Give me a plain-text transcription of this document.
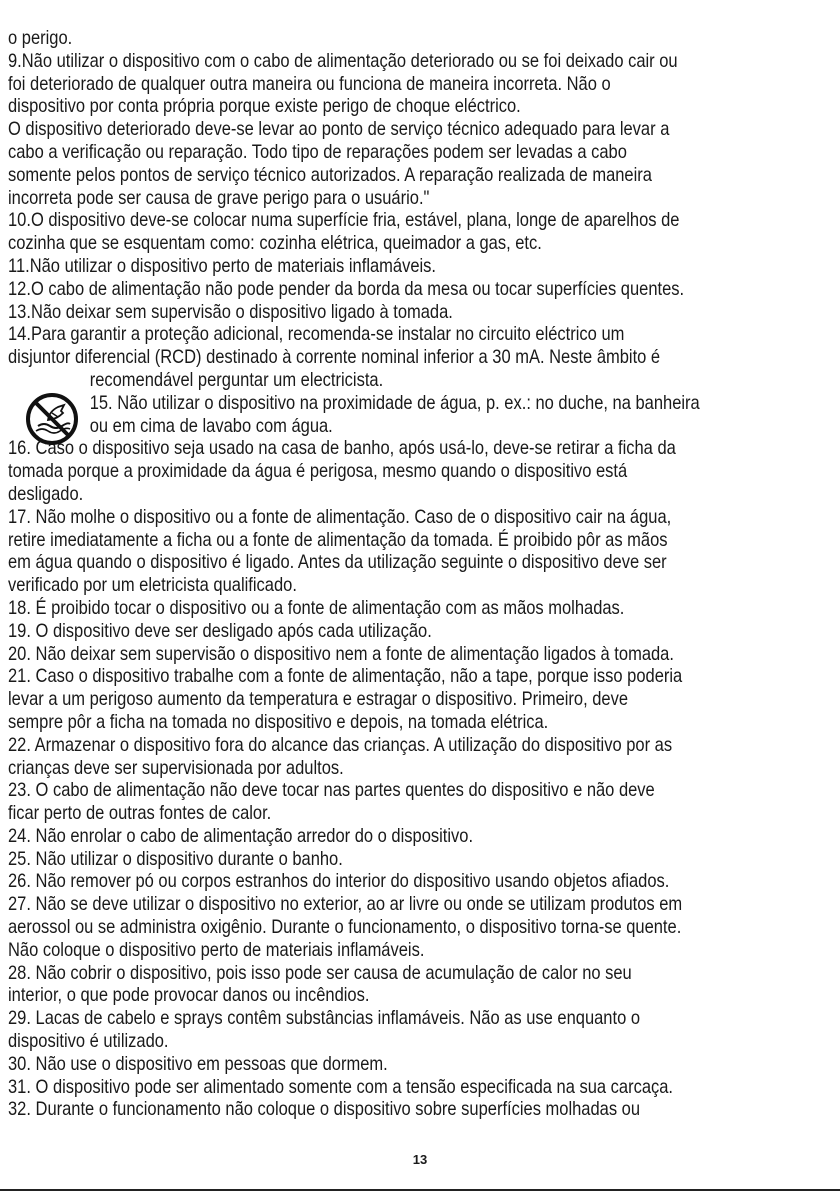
o perigo.
9.Não utilizar o dispositivo com o cabo de alimentação deteriorado ou se foi deixado cair ou
foi deteriorado de qualquer outra maneira ou funciona de maneira incorreta. Não o
dispositivo por conta própria porque existe perigo de choque eléctrico.
O dispositivo deteriorado deve-se levar ao ponto de serviço técnico adequado para levar a
cabo a verificação ou reparação. Todo tipo de reparações podem ser levadas a cabo
somente pelos pontos de serviço técnico autorizados. A reparação realizada de maneira
incorreta pode ser causa de grave perigo para o usuário."
10.O dispositivo deve-se colocar numa superfície fria, estável, plana, longe de aparelhos de
cozinha que se esquentam como: cozinha elétrica, queimador a gas, etc.
11.Não utilizar o dispositivo perto de materiais inflamáveis.
12.O cabo de alimentação não pode pender da borda da mesa ou tocar superfícies quentes.
13.Não deixar sem supervisão o dispositivo ligado à tomada.
14.Para garantir a proteção adicional, recomenda-se instalar no circuito eléctrico um
disjuntor diferencial (RCD) destinado à corrente nominal inferior a 30 mA. Neste âmbito é
recomendável perguntar um electricista.
15. Não utilizar o dispositivo na proximidade de água, p. ex.: no duche, na banheira
ou em cima de lavabo com água.
16. Caso o dispositivo seja usado na casa de banho, após usá-lo, deve-se retirar a ficha da
tomada porque a proximidade da água é perigosa, mesmo quando o dispositivo está
desligado.
17. Não molhe o dispositivo ou a fonte de alimentação. Caso de o dispositivo cair na água,
retire imediatamente a ficha ou a fonte de alimentação da tomada. É proibido pôr as mãos
em água quando o dispositivo é ligado. Antes da utilização seguinte o dispositivo deve ser
verificado por um eletricista qualificado.
18. É proibido tocar o dispositivo ou a fonte de alimentação com as mãos molhadas.
19. O dispositivo deve ser desligado após cada utilização.
20. Não deixar sem supervisão o dispositivo nem a fonte de alimentação ligados à tomada.
21. Caso o dispositivo trabalhe com a fonte de alimentação, não a tape, porque isso poderia
levar a um perigoso aumento da temperatura e estragar o dispositivo. Primeiro, deve
sempre pôr a ficha na tomada no dispositivo e depois, na tomada elétrica.
22. Armazenar o dispositivo fora do alcance das crianças. A utilização do dispositivo por as
crianças deve ser supervisionada por adultos.
23. O cabo de alimentação não deve tocar nas partes quentes do dispositivo e não deve
ficar perto de outras fontes de calor.
24. Não enrolar o cabo de alimentação arredor do o dispositivo.
25. Não utilizar o dispositivo durante o banho.
26. Não remover pó ou corpos estranhos do interior do dispositivo usando objetos afiados.
27. Não se deve utilizar o dispositivo no exterior, ao ar livre ou onde se utilizam produtos em
aerossol ou se administra oxigênio. Durante o funcionamento, o dispositivo torna-se quente.
Não coloque o dispositivo perto de materiais inflamáveis.
28. Não cobrir o dispositivo, pois isso pode ser causa de acumulação de calor no seu
interior, o que pode provocar danos ou incêndios.
29. Lacas de cabelo e sprays contêm substâncias inflamáveis. Não as use enquanto o
dispositivo é utilizado.
30. Não use o dispositivo em pessoas que dormem.
31. O dispositivo pode ser alimentado somente com a tensão especificada na sua carcaça.
32. Durante o funcionamento não coloque o dispositivo sobre superfícies molhadas ou
13
